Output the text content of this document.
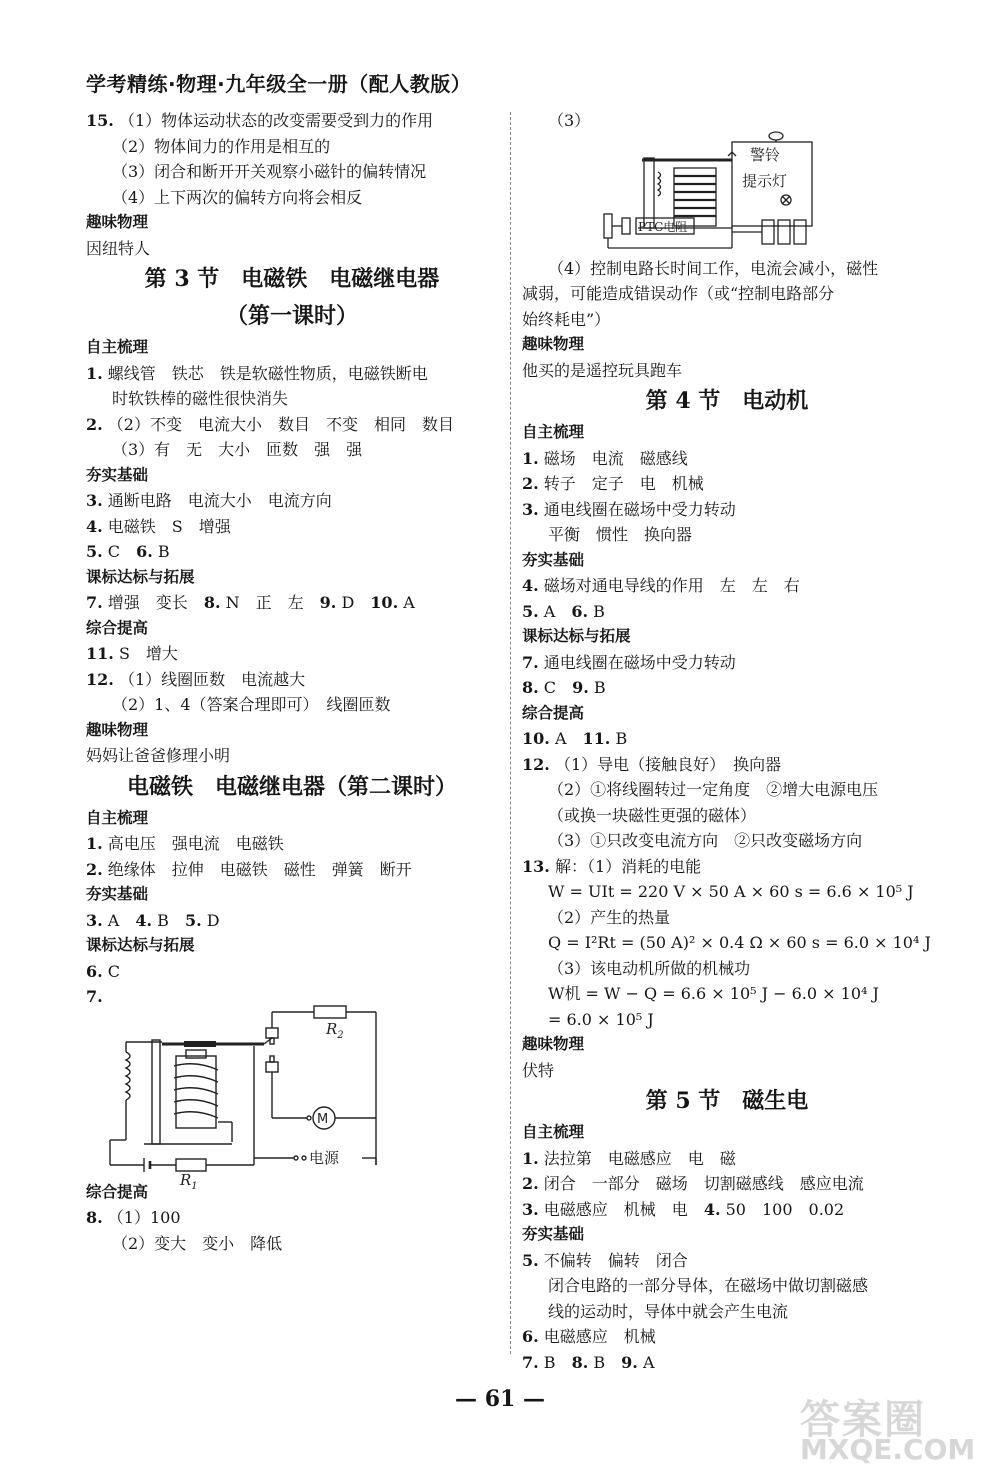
学考精练·物理·九年级全一册（配人教版）
15. （1）物体运动状态的改变需要受到力的作用
（2）物体间力的作用是相互的
（3）闭合和断开开关观察小磁针的偏转情况
（4）上下两次的偏转方向将会相反
趣味物理
因纽特人
第 3 节　电磁铁　电磁继电器
（第一课时）
自主梳理
1. 螺线管　铁芯　铁是软磁性物质，电磁铁断电
时软铁棒的磁性很快消失
2. （2）不变　电流大小　数目　不变　相同　数目
（3）有　无　大小　匝数　强　强
夯实基础
3. 通断电路　电流大小　电流方向
4. 电磁铁　S　增强
5. C　 6. B
课标达标与拓展
7. 增强　变长　 8. N　正　左　 9. D　 10. A
综合提高
11. S　增大
12. （1）线圈匝数　电流越大
（2）1、4（答案合理即可）　线圈匝数
趣味物理
妈妈让爸爸修理小明
电磁铁　电磁继电器（第二课时）
自主梳理
1. 高电压　强电流　电磁铁
2. 绝缘体　拉伸　电磁铁　磁性　弹簧　断开
夯实基础
3. A　 4. B　 5. D
课标达标与拓展
6. C
7.
$R_2$
M
电源
$R_1$
综合提高
8. （1）100
（2）变大　变小　降低
（3）
警铃
提示灯
PTC电阻
（4）控制电路长时间工作，电流会减小，磁性
减弱，可能造成错误动作（或“控制电路部分
始终耗电”）
趣味物理
他买的是遥控玩具跑车
第 4 节　电动机
自主梳理
1. 磁场　电流　磁感线
2. 转子　定子　电　机械
3. 通电线圈在磁场中受力转动
平衡　惯性　换向器
夯实基础
4. 磁场对通电导线的作用　左　左　右
5. A　 6. B
课标达标与拓展
7. 通电线圈在磁场中受力转动
8. C　 9. B
综合提高
10. A　 11. B
12. （1）导电（接触良好）　换向器
（2）①将线圈转过一定角度　②增大电源电压
（或换一块磁性更强的磁体）
（3）①只改变电流方向　②只改变磁场方向
13. 解：（1）消耗的电能
W = UIt = 220 V × 50 A × 60 s = 6.6 × 10⁵ J
（2）产生的热量
Q = I²Rt = (50 A)² × 0.4 Ω × 60 s = 6.0 × 10⁴ J
（3）该电动机所做的机械功
W机 = W − Q = 6.6 × 10⁵ J − 6.0 × 10⁴ J
= 6.0 × 10⁵ J
趣味物理
伏特
第 5 节　磁生电
自主梳理
1. 法拉第　电磁感应　电　磁
2. 闭合　一部分　磁场　切割磁感线　感应电流
3. 电磁感应　机械　电　 4. 50　100　0.02
夯实基础
5. 不偏转　偏转　闭合
闭合电路的一部分导体，在磁场中做切割磁感
线的运动时，导体中就会产生电流
6. 电磁感应　机械
7. B　 8. B　 9. A
— 61 —	答案圈
MXQE.COM
